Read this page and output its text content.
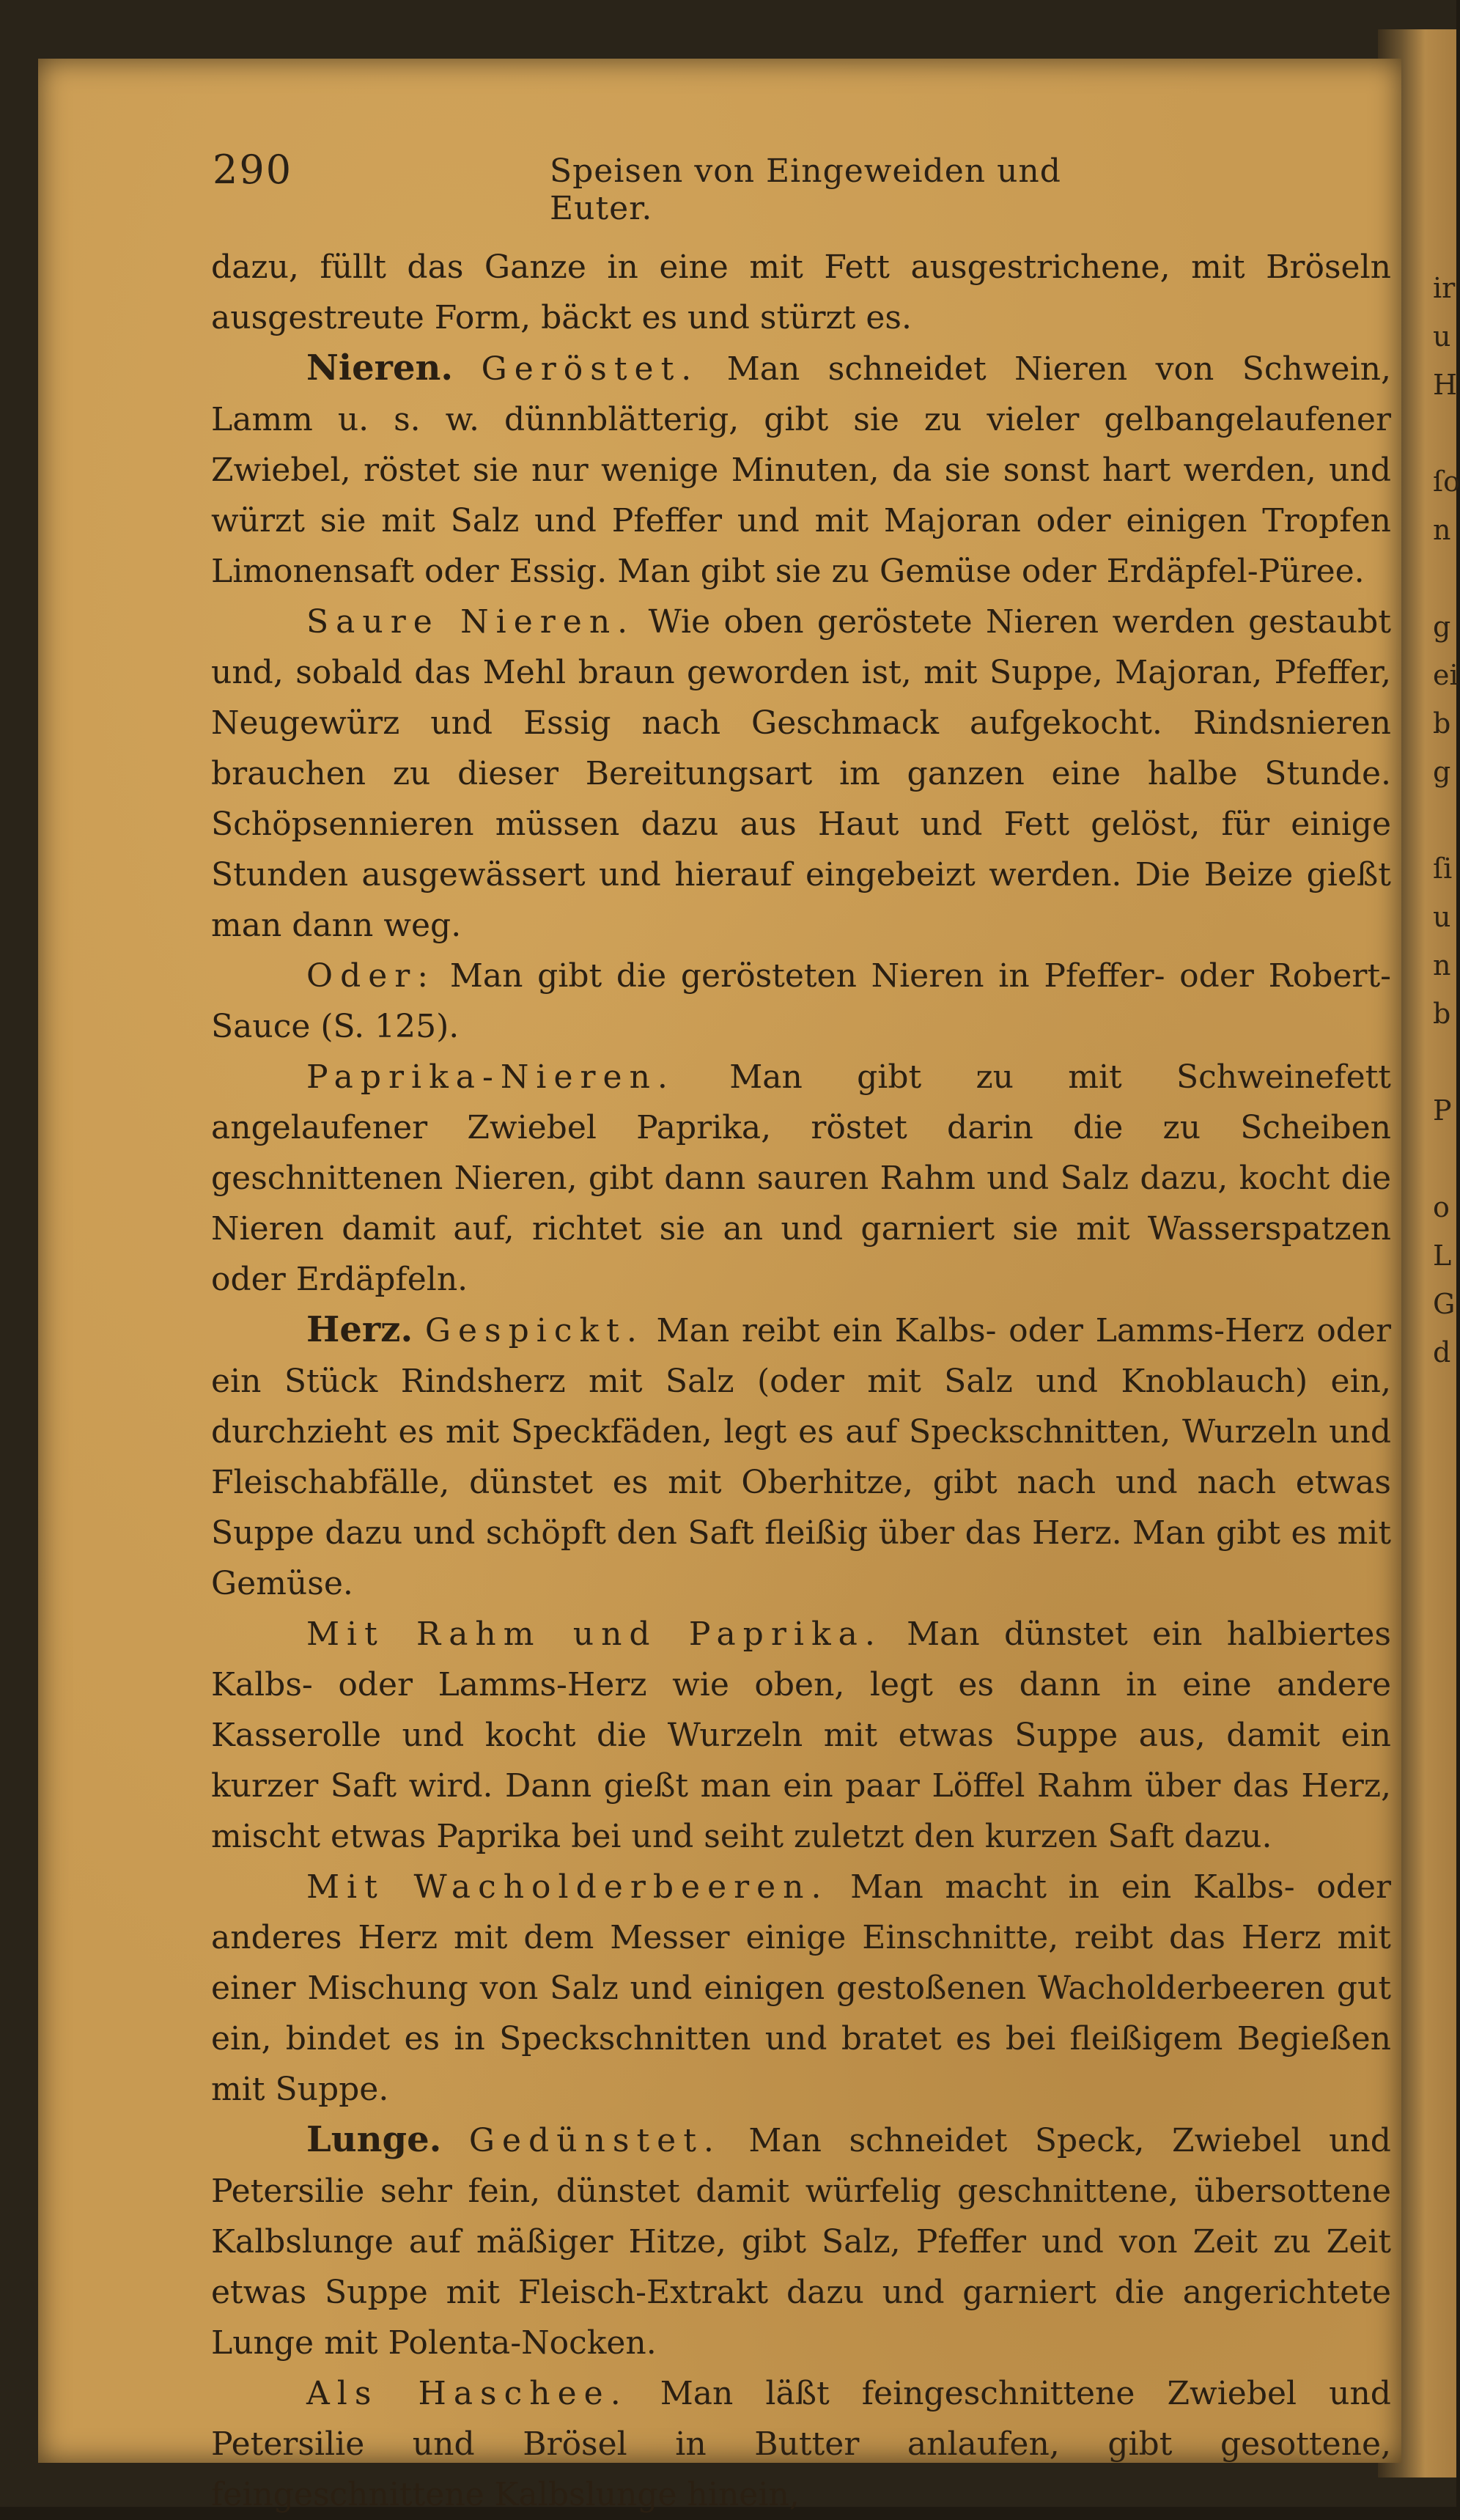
ir
u
H

ſo
n

g
ei
b
g

ſi
u
n
b

P

o
L
G
d
290	Speisen von Eingeweiden und Euter.

dazu, füllt das Ganze in eine mit Fett ausgestrichene, mit Bröseln ausgestreute Form, bäckt es und stürzt es.

Nieren. Geröstet. Man schneidet Nieren von Schwein, Lamm u. s. w. dünnblätterig, gibt sie zu vieler gelbangelaufener Zwiebel, röstet sie nur wenige Minuten, da sie sonst hart werden, und würzt sie mit Salz und Pfeffer und mit Majoran oder einigen Tropfen Limonensaft oder Essig. Man gibt sie zu Gemüse oder Erdäpfel-Püree.

Saure Nieren. Wie oben geröstete Nieren werden gestaubt und, sobald das Mehl braun geworden ist, mit Suppe, Majoran, Pfeffer, Neugewürz und Essig nach Geschmack aufgekocht. Rindsnieren brauchen zu dieser Bereitungsart im ganzen eine halbe Stunde. Schöpsennieren müssen dazu aus Haut und Fett gelöst, für einige Stunden ausgewässert und hierauf eingebeizt werden. Die Beize gießt man dann weg.

Oder: Man gibt die gerösteten Nieren in Pfeffer- oder Robert-Sauce (S. 125).

Paprika-Nieren. Man gibt zu mit Schweinefett angelaufener Zwiebel Paprika, röstet darin die zu Scheiben geschnittenen Nieren, gibt dann sauren Rahm und Salz dazu, kocht die Nieren damit auf, richtet sie an und garniert sie mit Wasserspatzen oder Erdäpfeln.

Herz. Gespickt. Man reibt ein Kalbs- oder Lamms-Herz oder ein Stück Rindsherz mit Salz (oder mit Salz und Knoblauch) ein, durchzieht es mit Speckfäden, legt es auf Speckschnitten, Wurzeln und Fleischabfälle, dünstet es mit Oberhitze, gibt nach und nach etwas Suppe dazu und schöpft den Saft fleißig über das Herz. Man gibt es mit Gemüse.

Mit Rahm und Paprika. Man dünstet ein halbiertes Kalbs- oder Lamms-Herz wie oben, legt es dann in eine andere Kasserolle und kocht die Wurzeln mit etwas Suppe aus, damit ein kurzer Saft wird. Dann gießt man ein paar Löffel Rahm über das Herz, mischt etwas Paprika bei und seiht zuletzt den kurzen Saft dazu.

Mit Wacholderbeeren. Man macht in ein Kalbs- oder anderes Herz mit dem Messer einige Einschnitte, reibt das Herz mit einer Mischung von Salz und einigen gestoßenen Wacholderbeeren gut ein, bindet es in Speckschnitten und bratet es bei fleißigem Begießen mit Suppe.

Lunge. Gedünstet. Man schneidet Speck, Zwiebel und Petersilie sehr fein, dünstet damit würfelig geschnittene, übersottene Kalbslunge auf mäßiger Hitze, gibt Salz, Pfeffer und von Zeit zu Zeit etwas Suppe mit Fleisch-Extrakt dazu und garniert die angerichtete Lunge mit Polenta-Nocken.

Als Haschee. Man läßt feingeschnittene Zwiebel und Petersilie und Brösel in Butter anlaufen, gibt gesottene, feingeschnittene Kalbslunge hinein,
